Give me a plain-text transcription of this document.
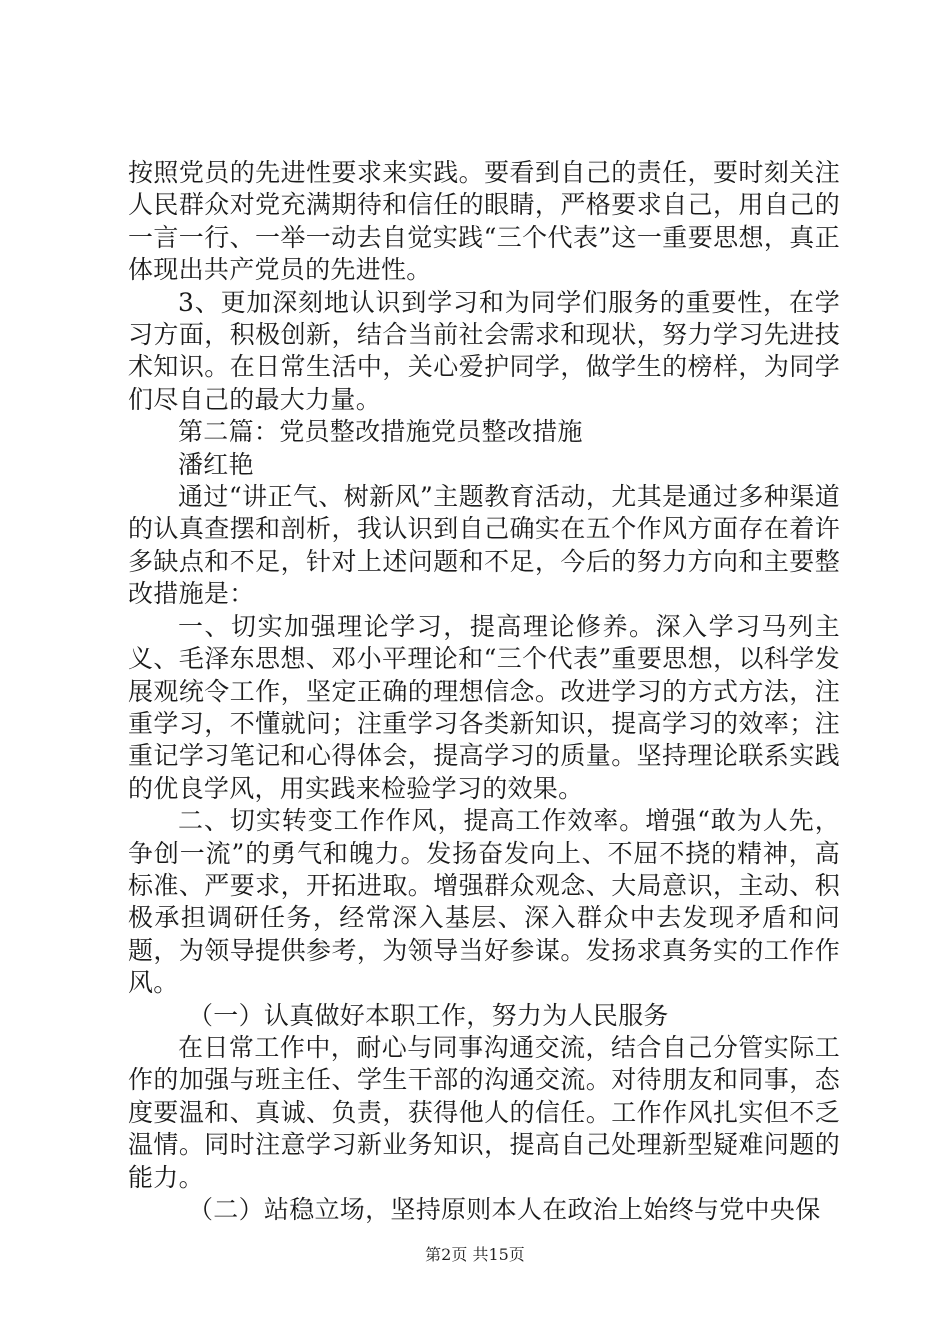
按照党员的先进性要求来实践。要看到自己的责任，要时刻关注人民群众对党充满期待和信任的眼睛，严格要求自己，用自己的一言一行、一举一动去自觉实践“三个代表”这一重要思想，真正体现出共产党员的先进性。

3、更加深刻地认识到学习和为同学们服务的重要性，在学习方面，积极创新，结合当前社会需求和现状，努力学习先进技术知识。在日常生活中，关心爱护同学，做学生的榜样，为同学们尽自己的最大力量。

第二篇：党员整改措施党员整改措施

潘红艳

通过“讲正气、树新风”主题教育活动，尤其是通过多种渠道的认真查摆和剖析，我认识到自己确实在五个作风方面存在着许多缺点和不足，针对上述问题和不足，今后的努力方向和主要整改措施是：

一、切实加强理论学习，提高理论修养。深入学习马列主义、毛泽东思想、邓小平理论和“三个代表”重要思想，以科学发展观统令工作，坚定正确的理想信念。改进学习的方式方法，注重学习，不懂就问；注重学习各类新知识，提高学习的效率；注重记学习笔记和心得体会，提高学习的质量。坚持理论联系实践的优良学风，用实践来检验学习的效果。

二、切实转变工作作风，提高工作效率。增强“敢为人先，争创一流”的勇气和魄力。发扬奋发向上、不屈不挠的精神，高标准、严要求，开拓进取。增强群众观念、大局意识，主动、积极承担调研任务，经常深入基层、深入群众中去发现矛盾和问题，为领导提供参考，为领导当好参谋。发扬求真务实的工作作风。

（一）认真做好本职工作，努力为人民服务

在日常工作中，耐心与同事沟通交流，结合自己分管实际工作的加强与班主任、学生干部的沟通交流。对待朋友和同事，态度要温和、真诚、负责，获得他人的信任。工作作风扎实但不乏温情。同时注意学习新业务知识，提高自己处理新型疑难问题的能力。

（二）站稳立场，坚持原则本人在政治上始终与党中央保

第2页 共15页
